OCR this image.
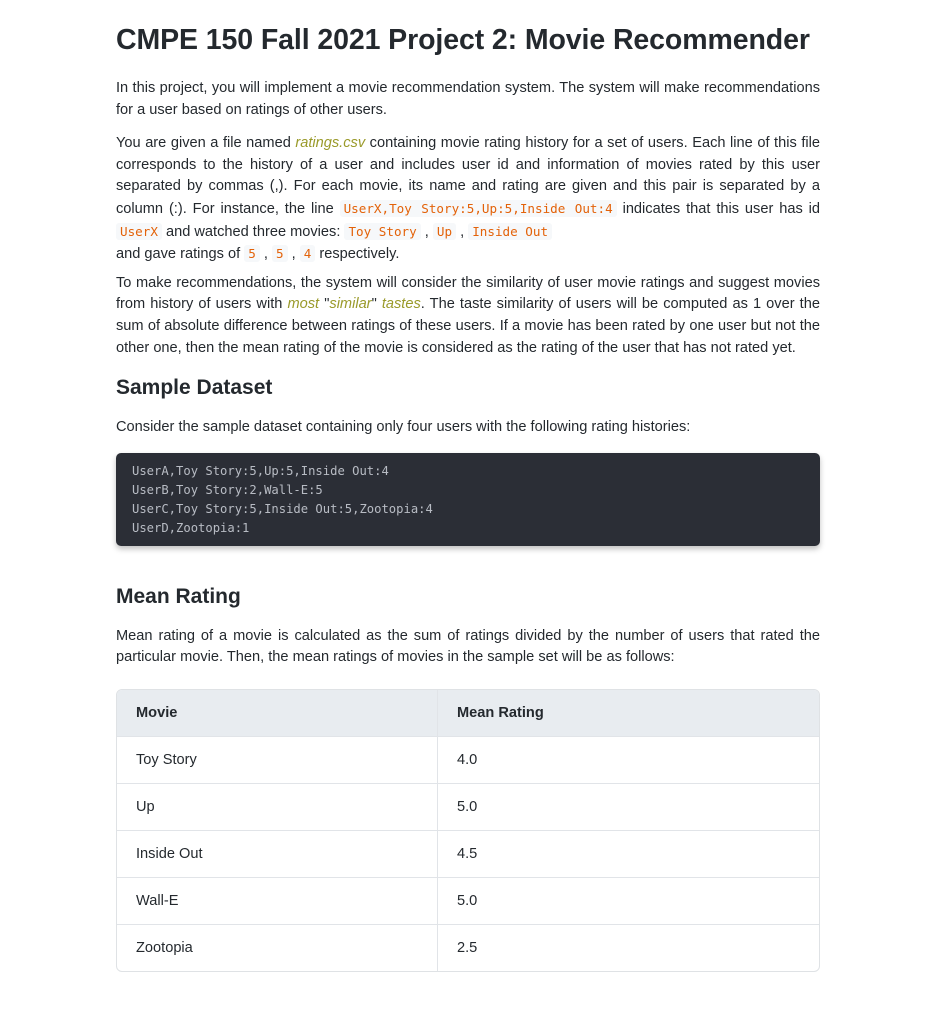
CMPE 150 Fall 2021 Project 2: Movie Recommender

In this project, you will implement a movie recommendation system. The system will make recommendations for a user based on ratings of other users.

You are given a file named ratings.csv containing movie rating history for a set of users. Each line of this file corresponds to the history of a user and includes user id and information of movies rated by this user separated by commas (,). For each movie, its name and rating are given and this pair is separated by a column (:). For instance, the line UserX,Toy Story:5,Up:5,Inside Out:4 indicates that this user has id UserX and watched three movies: Toy Story , Up , Inside Out
and gave ratings of 5 , 5 , 4 respectively.

To make recommendations, the system will consider the similarity of user movie ratings and suggest movies from history of users with most "similar" tastes. The taste similarity of users will be computed as 1 over the sum of absolute difference between ratings of these users. If a movie has been rated by one user but not the other one, then the mean rating of the movie is considered as the rating of the user that has not rated yet.

Sample Dataset

Consider the sample dataset containing only four users with the following rating histories:

UserA,Toy Story:5,Up:5,Inside Out:4
UserB,Toy Story:2,Wall-E:5
UserC,Toy Story:5,Inside Out:5,Zootopia:4
UserD,Zootopia:1
Mean Rating

Mean rating of a movie is calculated as the sum of ratings divided by the number of users that rated the particular movie. Then, the mean ratings of movies in the sample set will be as follows:

Movie	Mean Rating
Toy Story	4.0
Up	5.0
Inside Out	4.5
Wall-E	5.0
Zootopia	2.5
